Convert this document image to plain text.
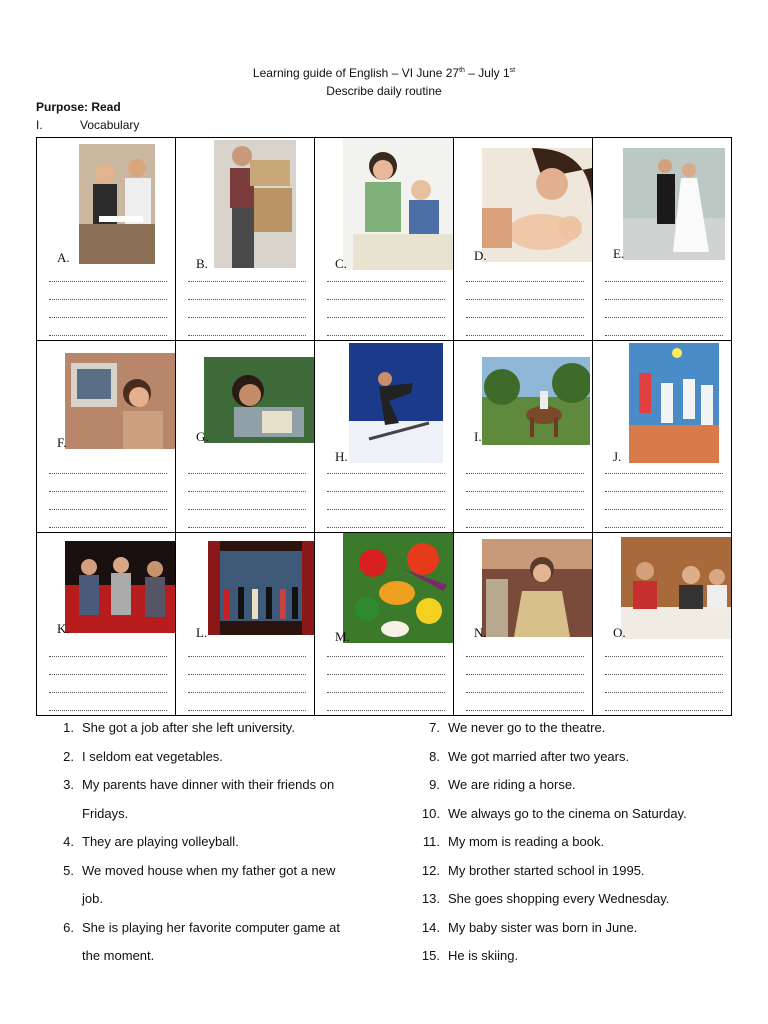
Learning guide of English – VI June 27th – July 1st
Describe daily routine
Purpose: Read
I.	Vocabulary
A.	B.	C.	D.	E.

F.	G.	H.	I.	J.

K.	L.	M.	N.	O.
1. She got a job after she left university.
2. I seldom eat vegetables.
3. My parents have dinner with their friends on
Fridays.
4. They are playing volleyball.
5. We moved house when my father got a new
job.
6. She is playing her favorite computer game at
the moment.
7. We never go to the theatre.
8. We got married after two years.
9. We are riding a horse.
10. We always go to the cinema on Saturday.
11. My mom is reading a book.
12. My brother started school in 1995.
13. She goes shopping every Wednesday.
14. My baby sister was born in June.
15. He is skiing.
